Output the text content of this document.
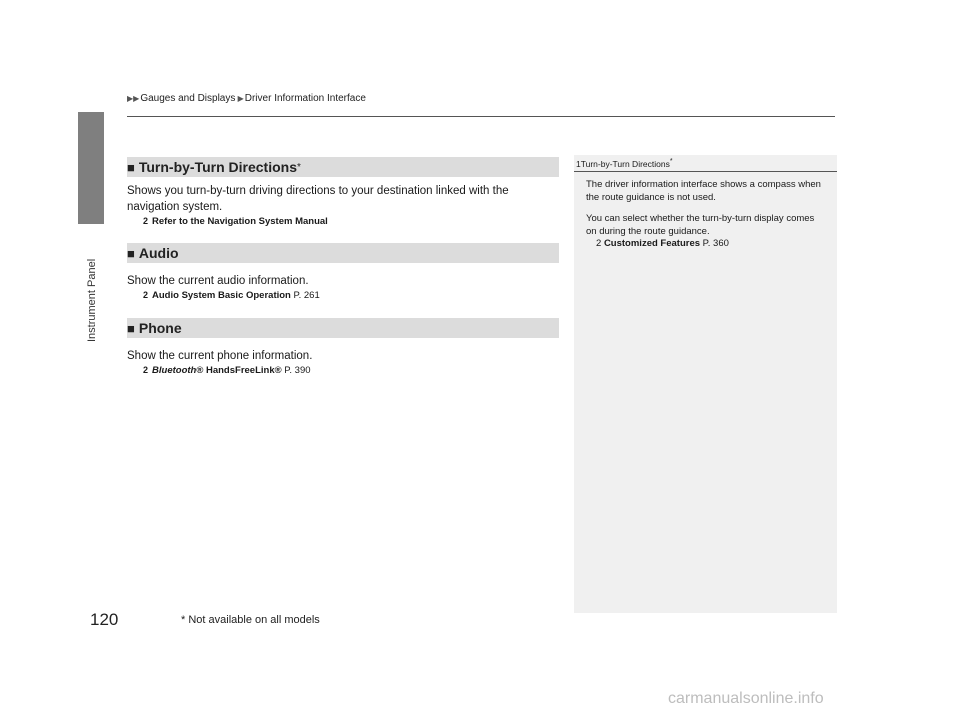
Instrument Panel
▶▶Gauges and Displays ▶Driver Information Interface
■ Turn-by-Turn Directions *
Shows you turn-by-turn driving directions to your destination linked with the navigation system.
2 Refer to the Navigation System Manual
■ Audio
Show the current audio information.
2 Audio System Basic Operation P. 261
■ Phone
Show the current phone information.
2 Bluetooth® HandsFreeLink® P. 390
1Turn-by-Turn Directions*

The driver information interface shows a compass when the route guidance is not used.

You can select whether the turn-by-turn display comes on during the route guidance.

2 Customized Features P. 360
120	* Not available on all models
carmanualsonline.info
